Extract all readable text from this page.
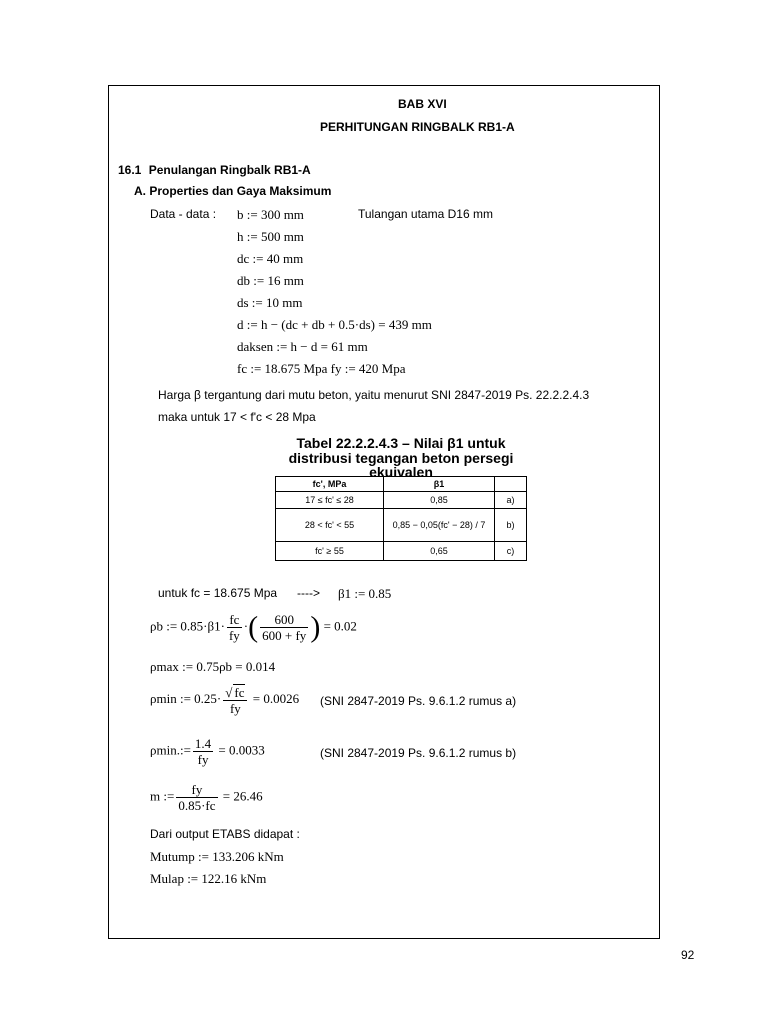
BAB XVI
PERHITUNGAN RINGBALK RB1-A
16.1 Penulangan Ringbalk RB1-A
A. Properties dan Gaya Maksimum
Data - data :	Tulangan utama D16 mm
b := 300 mm
h := 500 mm
dc := 40 mm
db := 16 mm
ds := 10 mm
d := h − (dc + db + 0.5·ds) = 439 mm
daksen := h − d = 61 mm
fc := 18.675 Mpa fy := 420 Mpa
Harga β tergantung dari mutu beton, yaitu menurut SNI 2847-2019 Ps. 22.2.2.4.3
maka untuk 17 < f'c < 28 Mpa
Tabel 22.2.2.4.3 – Nilai β1 untuk
distribusi tegangan beton persegi
ekuivalen
fc', MPa	β1	
17 ≤ fc' ≤ 28	0,85	a)
28 < fc' < 55	0,85 − 0,05(fc' − 28) / 7	b)
fc' ≥ 55	0,65	c)
untuk fc = 18.675 Mpa ----> β1 := 0.85
ρb := $0.85\cdot\beta 1\cdot \frac{fc}{fy}$ ·( $\frac{600}{600 + fy}$ ) = 0.02
ρmax := 0.75ρb = 0.014
ρmin := $0.25\cdot \frac{√ fc}{fy} = 0.0026$ (SNI 2847-2019 Ps. 9.6.1.2 rumus a)
ρmin.:= $\frac{1.4}{fy} = 0.0033$	(SNI 2847-2019 Ps. 9.6.1.2 rumus b)
m := $\frac{fy}{0.85\cdot fc} = 26.46$
Dari output ETABS didapat :
Mutump := 133.206 kNm
Mulap := 122.16 kNm
92
